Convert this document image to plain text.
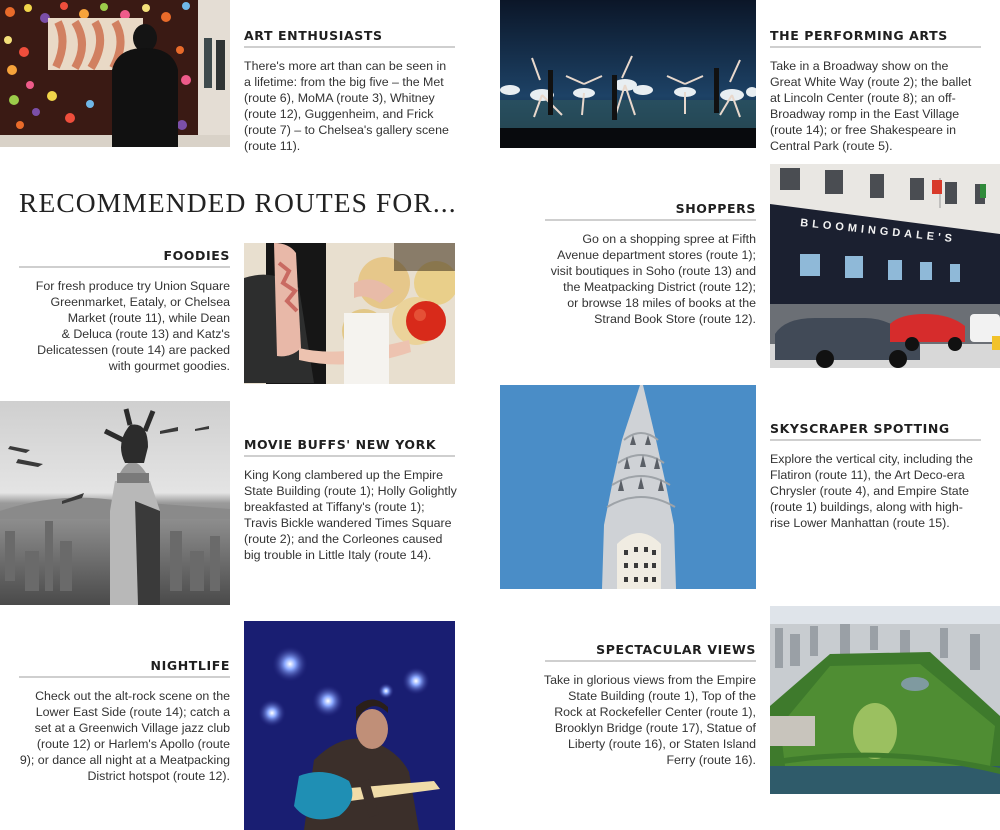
BLOOMINGDALE'S
ART ENTHUSIASTS
There's more art than can be seen in
a lifetime: from the big five – the Met
(route 6), MoMA (route 3), Whitney
(route 12), Guggenheim, and Frick
(route 7) – to Chelsea's gallery scene
(route 11).
THE PERFORMING ARTS
Take in a Broadway show on the
Great White Way (route 2); the ballet
at Lincoln Center (route 8); an off-
Broadway romp in the East Village
(route 14); or free Shakespeare in
Central Park (route 5).
RECOMMENDED ROUTES FOR...
FOODIES
For fresh produce try Union Square
Greenmarket, Eataly, or Chelsea
Market (route 11), while Dean
& Deluca (route 13) and Katz's
Delicatessen (route 14) are packed
with gourmet goodies.
SHOPPERS
Go on a shopping spree at Fifth
Avenue department stores (route 1);
visit boutiques in Soho (route 13) and
the Meatpacking District (route 12);
or browse 18 miles of books at the
Strand Book Store (route 12).
MOVIE BUFFS' NEW YORK
King Kong clambered up the Empire
State Building (route 1); Holly Golightly
breakfasted at Tiffany's (route 1);
Travis Bickle wandered Times Square
(route 2); and the Corleones caused
big trouble in Little Italy (route 14).
SKYSCRAPER SPOTTING
Explore the vertical city, including the
Flatiron (route 11), the Art Deco-era
Chrysler (route 4), and Empire State
(route 1) buildings, along with high-
rise Lower Manhattan (route 15).
NIGHTLIFE
Check out the alt-rock scene on the
Lower East Side (route 14); catch a
set at a Greenwich Village jazz club
(route 12) or Harlem's Apollo (route
9); or dance all night at a Meatpacking
District hotspot (route 12).
SPECTACULAR VIEWS
Take in glorious views from the Empire
State Building (route 1), Top of the
Rock at Rockefeller Center (route 1),
Brooklyn Bridge (route 17), Statue of
Liberty (route 16), or Staten Island
Ferry (route 16).
